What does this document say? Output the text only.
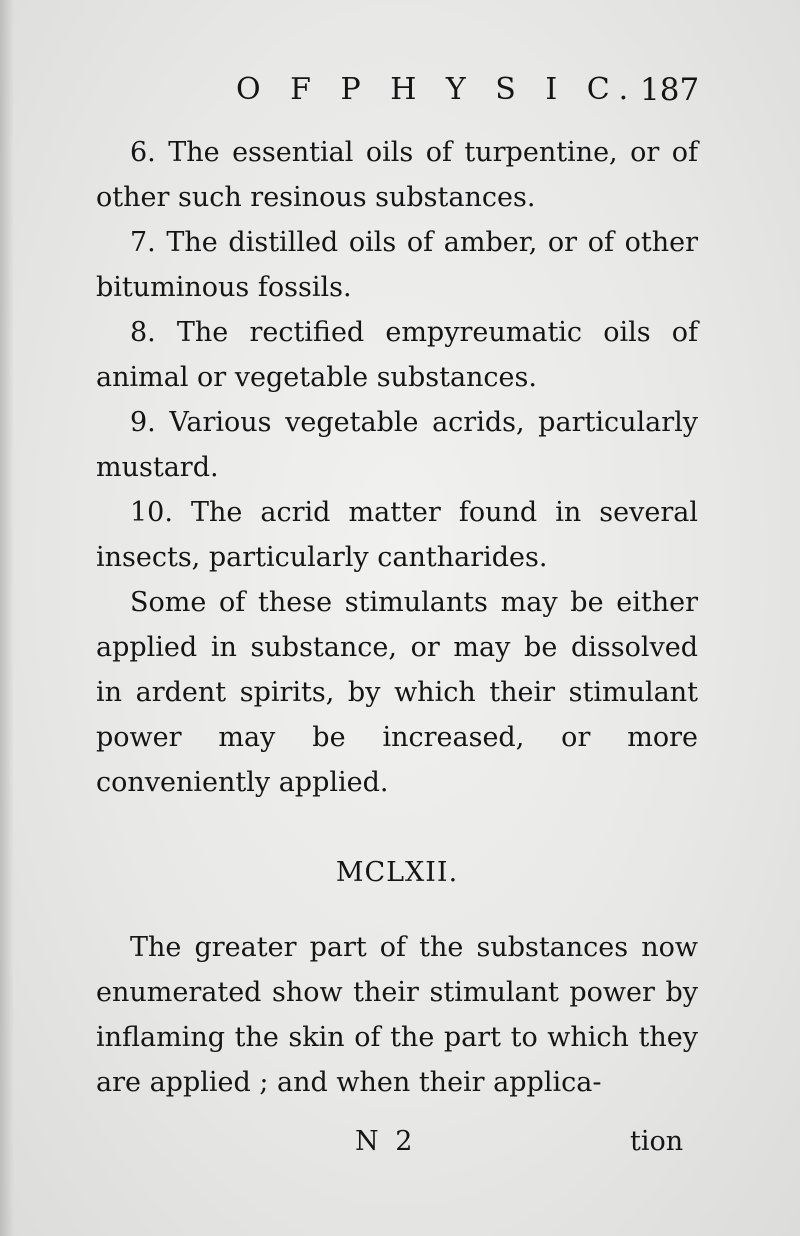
O F P H Y S I C. 187

6. The essential oils of turpentine, or of other such resinous substances.

7. The distilled oils of amber, or of other bituminous fossils.

8. The rectified empyreumatic oils of animal or vegetable substances.

9. Various vegetable acrids, particularly mustard.

10. The acrid matter found in several insects, particularly cantharides.

Some of these stimulants may be either applied in substance, or may be dissolved in ardent spirits, by which their stimulant power may be increased, or more conveniently applied.

MCLXII.

The greater part of the substances now enumerated show their stimulant power by inflaming the skin of the part to which they are applied ; and when their applica-

N 2	tion
